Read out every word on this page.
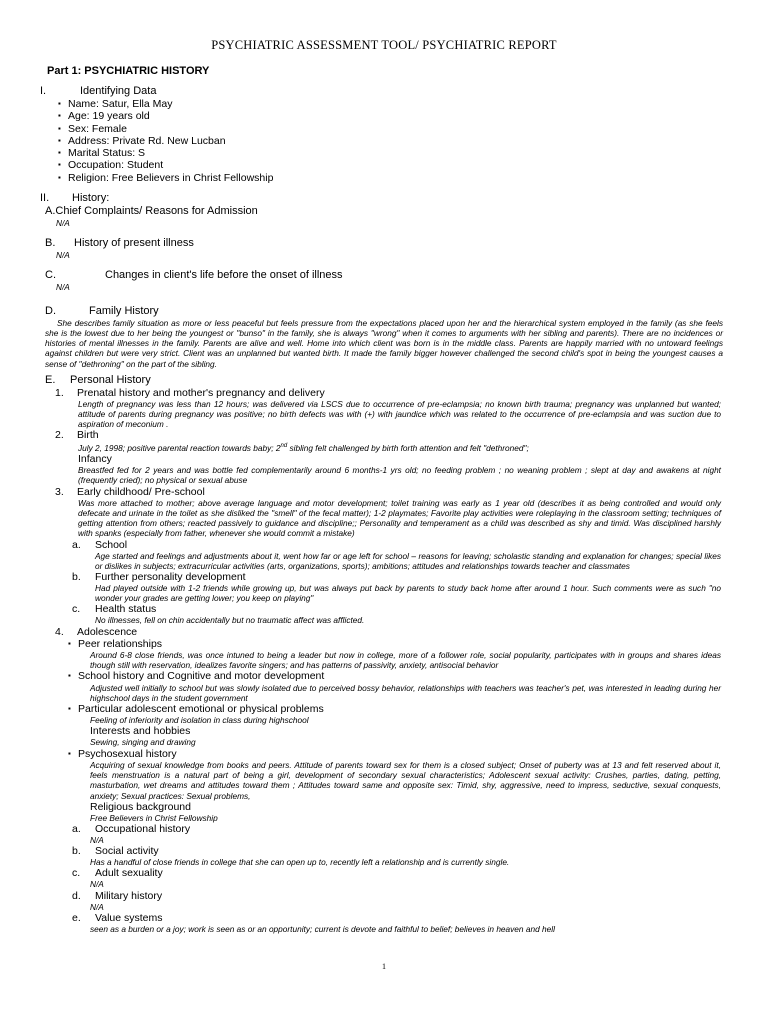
PSYCHIATRIC ASSESSMENT TOOL/ PSYCHIATRIC REPORT
Part 1: PSYCHIATRIC HISTORY

I.	Identifying Data

▪ Name: Satur, Ella May

▪ Age: 19 years old

▪ Sex: Female

▪ Address: Private Rd. New Lucban

▪ Marital Status: S

▪ Occupation: Student

▪ Religion: Free Believers in Christ Fellowship

II. History:

A.Chief Complaints/ Reasons for Admission

N/A

B. History of present illness

N/A

C.	Changes in client's life before the onset of illness

N/A

D.	Family History

She describes family situation as more or less peaceful but feels pressure from the expectations placed upon her and the hierarchical system employed in the family (as she feels she is the lowest due to her being the youngest or "bunso" in the family, she is always "wrong" when it comes to arguments with her sibling and parents). There are no incidences or histories of mental illnesses in the family. Parents are alive and well. Home into which client was born is in the middle class. Parents are happily married with no untoward feelings against children but were very strict. Client was an unplanned but wanted birth. It made the family bigger however challenged the second child's spot in being the youngest causes a sense of "dethroning" on the part of the sibling.

E. Personal History

1. Prenatal history and mother's pregnancy and delivery

Length of pregnancy was less than 12 hours; was delivered via LSCS due to occurrence of pre-eclampsia; no known birth trauma; pregnancy was unplanned but wanted; attitude of parents during pregnancy was positive; no birth defects was with (+) with jaundice which was related to the occurrence of pre-eclampsia and was suction due to aspiration of meconium .

2. Birth

July 2, 1998; positive parental reaction towards baby; 2nd sibling felt challenged by birth forth attention and felt "dethroned";

Infancy

Breastfed fed for 2 years and was bottle fed complementarily around 6 months-1 yrs old; no feeding problem ; no weaning problem ; slept at day and awakens at night (frequently cried); no physical or sexual abuse

3. Early childhood/ Pre-school

Was more attached to mother; above average language and motor development; toilet training was early as 1 year old (describes it as being controlled and would only defecate and urinate in the toilet as she disliked the "smell" of the fecal matter); 1-2 playmates; Favorite play activities were roleplaying in the classroom setting; techniques of getting attention from others; reacted passively to guidance and discipline;; Personality and temperament as a child was described as shy and timid. Was disciplined harshly with spanks (especially from father, whenever she would commit a mistake)

a. School

Age started and feelings and adjustments about it, went how far or age left for school – reasons for leaving; scholastic standing and explanation for changes; special likes or dislikes in subjects; extracurricular activities (arts, organizations, sports); ambitions; attitudes and relationships towards teacher and classmates

b. Further personality development

Had played outside with 1-2 friends while growing up, but was always put back by parents to study back home after around 1 hour. Such comments were as such "no wonder your grades are getting lower; you keep on playing"

c. Health status

No illnesses, fell on chin accidentally but no traumatic affect was afflicted.

4. Adolescence

▪ Peer relationships

Around 6-8 close friends, was once intuned to being a leader but now in college, more of a follower role, social popularity, participates with in groups and shares ideas though still with reservation, idealizes favorite singers; and has patterns of passivity, anxiety, antisocial behavior

▪ School history and Cognitive and motor development

Adjusted well initially to school but was slowly isolated due to perceived bossy behavior, relationships with teachers was teacher's pet, was interested in leading during her highschool days in the student government

▪ Particular adolescent emotional or physical problems

Feeling of inferiority and isolation in class during highschool

Interests and hobbies

Sewing, singing and drawing

▪ Psychosexual history

Acquiring of sexual knowledge from books and peers. Attitude of parents toward sex for them is a closed subject; Onset of puberty was at 13 and felt reserved about it, feels menstruation is a natural part of being a girl, development of secondary sexual characteristics; Adolescent sexual activity: Crushes, parties, dating, petting, masturbation, wet dreams and attitudes toward them ; Attitudes toward same and opposite sex: Timid, shy, aggressive, need to impress, seductive, sexual conquests, anxiety; Sexual practices: Sexual problems,

Religious background

Free Believers in Christ Fellowship

a. Occupational history

N/A

b. Social activity

Has a handful of close friends in college that she can open up to, recently left a relationship and is currently single.

c. Adult sexuality

N/A

d. Military history

N/A

e. Value systems

seen as a burden or a joy; work is seen as or an opportunity; current is devote and faithful to belief; believes in heaven and hell

1
